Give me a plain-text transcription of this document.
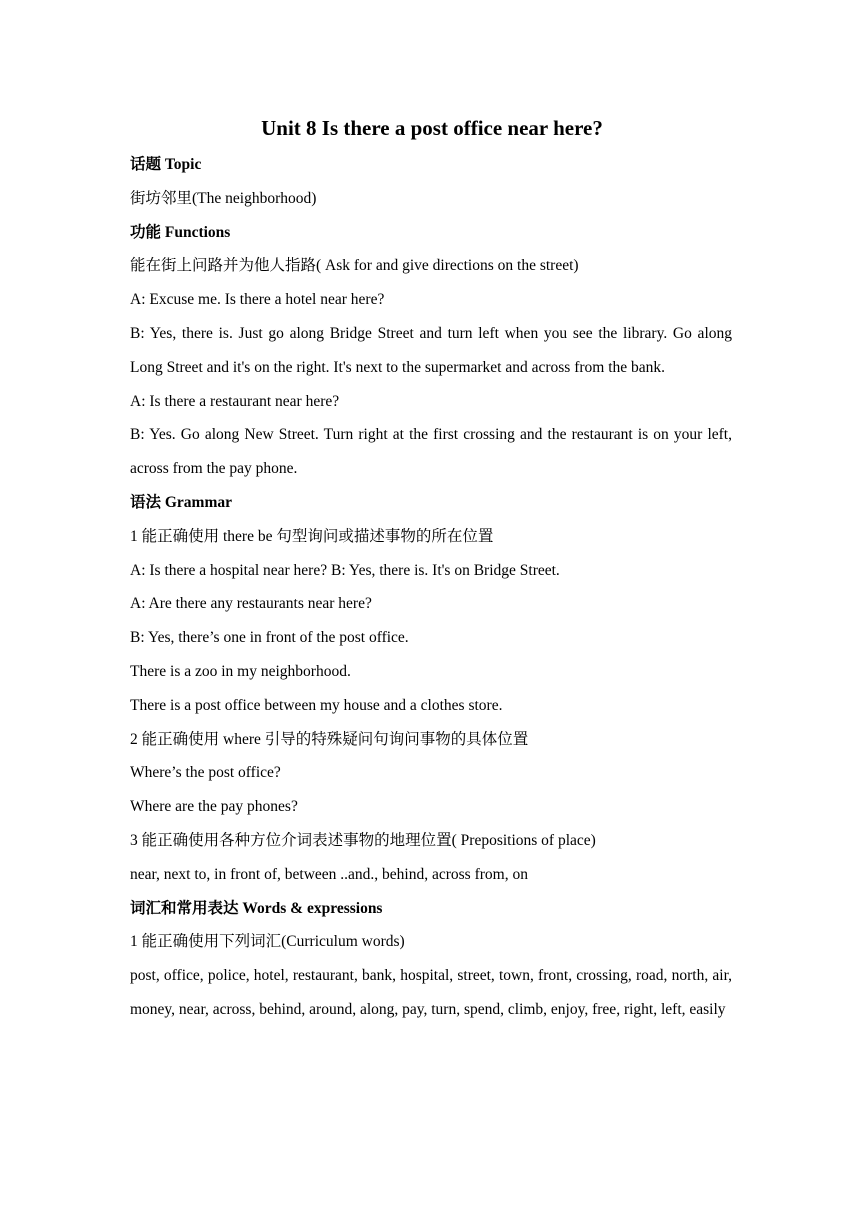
Unit 8 Is there a post office near here?

话题 Topic

街坊邻里(The neighborhood)

功能 Functions

能在街上问路并为他人指路( Ask for and give directions on the street)

A: Excuse me. Is there a hotel near here?

B: Yes, there is. Just go along Bridge Street and turn left when you see the library. Go along Long Street and it's on the right. It's next to the supermarket and across from the bank.

A: Is there a restaurant near here?

B: Yes. Go along New Street. Turn right at the first crossing and the restaurant is on your left, across from the pay phone.

语法 Grammar

1 能正确使用 there be 句型询问或描述事物的所在位置

A: Is there a hospital near here? B: Yes, there is. It's on Bridge Street.

A: Are there any restaurants near here?

B: Yes, there’s one in front of the post office.

There is a zoo in my neighborhood.

There is a post office between my house and a clothes store.

2 能正确使用 where 引导的特殊疑问句询问事物的具体位置

Where’s the post office?

Where are the pay phones?

3 能正确使用各种方位介词表述事物的地理位置( Prepositions of place)

near, next to, in front of, between ..and., behind, across from, on

词汇和常用表达 Words & expressions

1 能正确使用下列词汇(Curriculum words)

post, office, police, hotel, restaurant, bank, hospital, street, town, front, crossing, road, north, air, money, near, across, behind, around, along, pay, turn, spend, climb, enjoy, free, right, left, easily
